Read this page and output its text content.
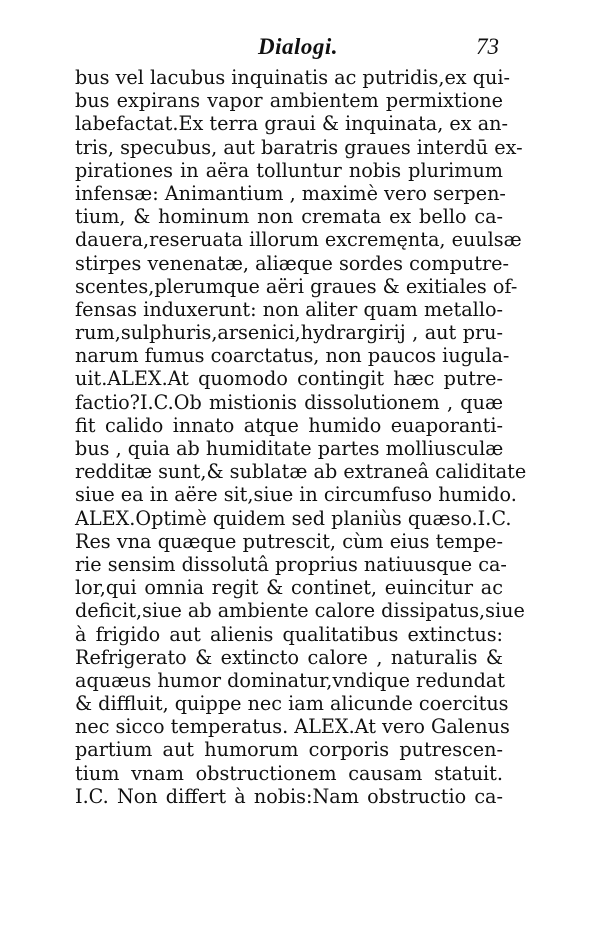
Dialogi.	73
bus vel lacubus inquinatis ac putridis,ex qui-
bus expirans vapor ambientem permixtione
labefactat.Ex terra graui & inquinata, ex an-
tris, specubus, aut baratris graues interdū ex-
pirationes in aëra tolluntur nobis plurimum
infensæ: Animantium , maximè vero serpen-
tium, & hominum non cremata ex bello ca-
dauera,reseruata illorum excremęnta, euulsæ
stirpes venenatæ, aliæque sordes computre-
scentes,plerumque aëri graues & exitiales of-
fensas induxerunt: non aliter quam metallo-
rum,sulphuris,arsenici,hydrargirij , aut pru-
narum fumus coarctatus, non paucos iugula-
uit.ALEX.At quomodo contingit hæc putre-
factio?I.C.Ob mistionis dissolutionem , quæ
fit calido innato atque humido euaporanti-
bus , quia ab humiditate partes molliusculæ
redditæ sunt,& sublatæ ab extraneâ caliditate
siue ea in aëre sit,siue in circumfuso humido.
ALEX.Optimè quidem sed planiùs quæso.I.C.
Res vna quæque putrescit, cùm eius tempe-
rie sensim dissolutâ proprius natiuusque ca-
lor,qui omnia regit & continet, euincitur ac
deficit,siue ab ambiente calore dissipatus,siue
à frigido aut alienis qualitatibus extinctus:
Refrigerato & extincto calore , naturalis &
aquæus humor dominatur,vndique redundat
& diffluit, quippe nec iam alicunde coercitus
nec sicco temperatus. ALEX.At vero Galenus
partium aut humorum corporis putrescen-
tium vnam obstructionem causam statuit.
I.C. Non differt à nobis:Nam obstructio ca-
